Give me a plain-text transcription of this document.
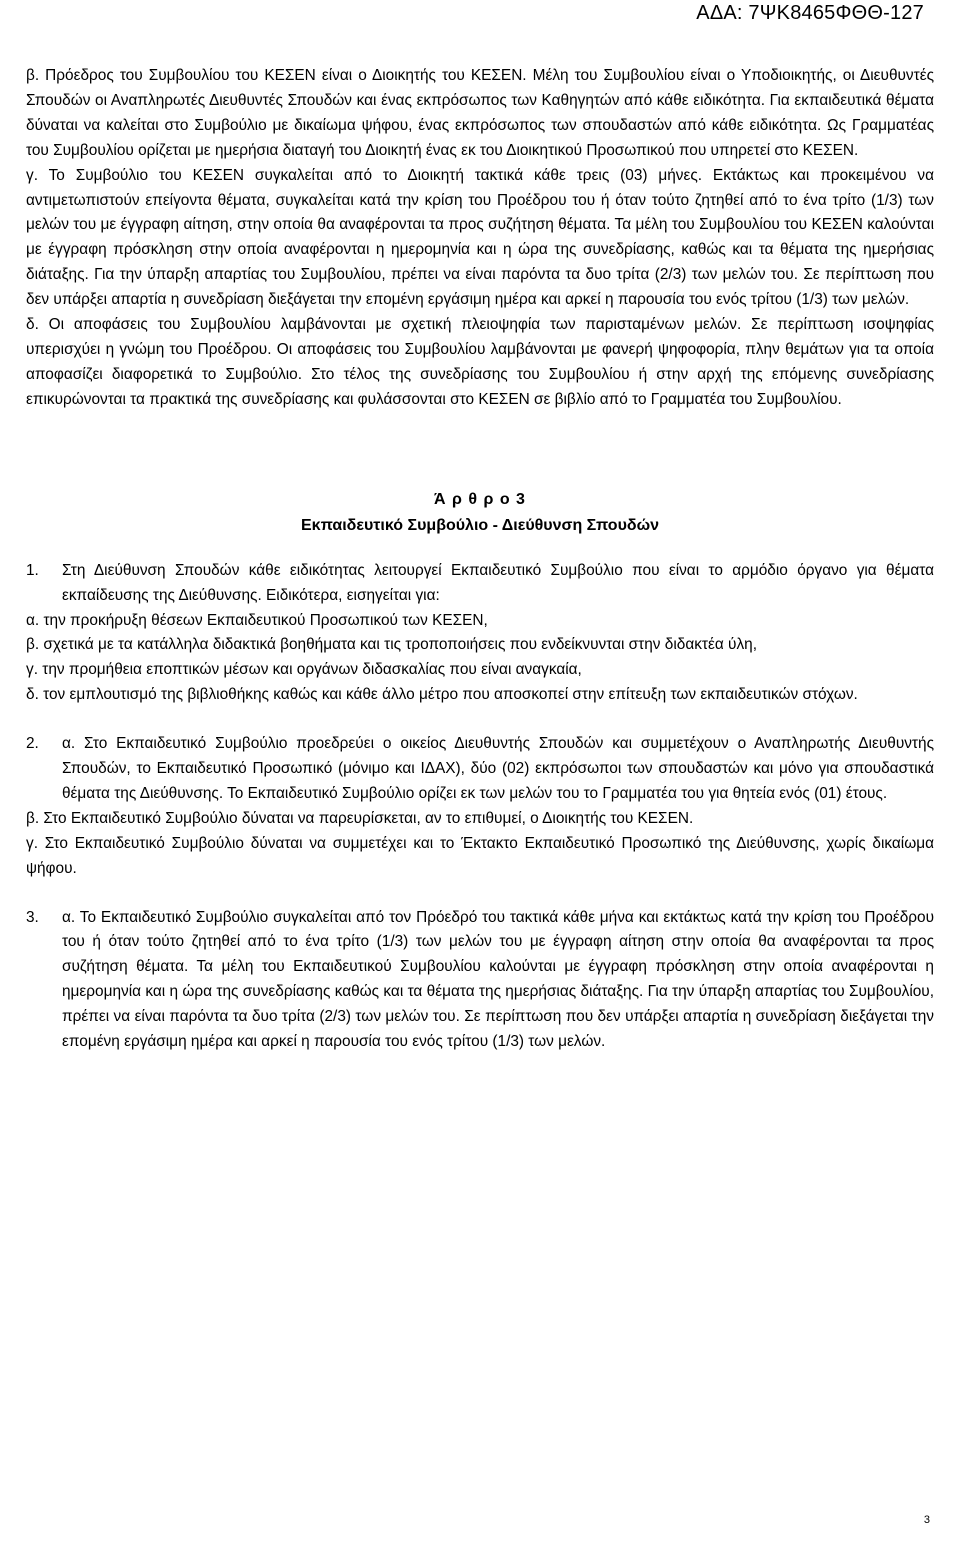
ΑΔΑ: 7ΨΚ8465ΦΘΘ-127

β. Πρόεδρος του Συμβουλίου του ΚΕΣΕΝ είναι ο Διοικητής του ΚΕΣΕΝ. Μέλη του Συμβουλίου είναι ο Υποδιοικητής, οι Διευθυντές Σπουδών οι Αναπληρωτές Διευθυντές Σπουδών και ένας εκπρόσωπος των Καθηγητών από κάθε ειδικότητα. Για εκπαιδευτικά θέματα δύναται να καλείται στο Συμβούλιο με δικαίωμα ψήφου, ένας εκπρόσωπος των σπουδαστών από κάθε ειδικότητα. Ως Γραμματέας του Συμβουλίου ορίζεται με ημερήσια διαταγή του Διοικητή ένας εκ του Διοικητικού Προσωπικού που υπηρετεί στο ΚΕΣΕΝ.

γ. Το Συμβούλιο του ΚΕΣΕΝ συγκαλείται από το Διοικητή τακτικά κάθε τρεις (03) μήνες. Εκτάκτως και προκειμένου να αντιμετωπιστούν επείγοντα θέματα, συγκαλείται κατά την κρίση του Προέδρου του ή όταν τούτο ζητηθεί από το ένα τρίτο (1/3) των μελών του με έγγραφη αίτηση, στην οποία θα αναφέρονται τα προς συζήτηση θέματα. Τα μέλη του Συμβουλίου του ΚΕΣΕΝ καλούνται με έγγραφη πρόσκληση στην οποία αναφέρονται η ημερομηνία και η ώρα της συνεδρίασης, καθώς και τα θέματα της ημερήσιας διάταξης. Για την ύπαρξη απαρτίας του Συμβουλίου, πρέπει να είναι παρόντα τα δυο τρίτα (2/3) των μελών του. Σε περίπτωση που δεν υπάρξει απαρτία η συνεδρίαση διεξάγεται την επομένη εργάσιμη ημέρα και αρκεί η παρουσία του ενός τρίτου (1/3) των μελών.

δ. Οι αποφάσεις του Συμβουλίου λαμβάνονται με σχετική πλειοψηφία των παρισταμένων μελών. Σε περίπτωση ισοψηφίας υπερισχύει η γνώμη του Προέδρου. Οι αποφάσεις του Συμβουλίου λαμβάνονται με φανερή ψηφοφορία, πλην θεμάτων για τα οποία αποφασίζει διαφορετικά το Συμβούλιο. Στο τέλος της συνεδρίασης του Συμβουλίου ή στην αρχή της επόμενης συνεδρίασης επικυρώνονται τα πρακτικά της συνεδρίασης και φυλάσσονται στο ΚΕΣΕΝ σε βιβλίο από το Γραμματέα του Συμβουλίου.

Ά ρ θ ρ ο 3
Εκπαιδευτικό Συμβούλιο - Διεύθυνση Σπουδών
1.	Στη Διεύθυνση Σπουδών κάθε ειδικότητας λειτουργεί Εκπαιδευτικό Συμβούλιο που είναι το αρμόδιο όργανο για θέματα εκπαίδευσης της Διεύθυνσης. Ειδικότερα, εισηγείται για:

α. την προκήρυξη θέσεων Εκπαιδευτικού Προσωπικού των ΚΕΣΕΝ,

β. σχετικά με τα κατάλληλα διδακτικά βοηθήματα και τις τροποποιήσεις που ενδείκνυνται στην διδακτέα ύλη,

γ. την προμήθεια εποπτικών μέσων και οργάνων διδασκαλίας που είναι αναγκαία,

δ. τον εμπλουτισμό της βιβλιοθήκης καθώς και κάθε άλλο μέτρο που αποσκοπεί στην επίτευξη των εκπαιδευτικών στόχων.

2.	α. Στο Εκπαιδευτικό Συμβούλιο προεδρεύει ο οικείος Διευθυντής Σπουδών και συμμετέχουν ο Αναπληρωτής Διευθυντής Σπουδών, το Εκπαιδευτικό Προσωπικό (μόνιμο και ΙΔΑΧ), δύο (02) εκπρόσωποι των σπουδαστών και μόνο για σπουδαστικά θέματα της Διεύθυνσης. Το Εκπαιδευτικό Συμβούλιο ορίζει εκ των μελών του το Γραμματέα του για θητεία ενός (01) έτους.

β. Στο Εκπαιδευτικό Συμβούλιο δύναται να παρευρίσκεται, αν το επιθυμεί, ο Διοικητής του ΚΕΣΕΝ.

γ. Στο Εκπαιδευτικό Συμβούλιο δύναται να συμμετέχει και το Έκτακτο Εκπαιδευτικό Προσωπικό της Διεύθυνσης, χωρίς δικαίωμα ψήφου.

3.	α. Το Εκπαιδευτικό Συμβούλιο συγκαλείται από τον Πρόεδρό του τακτικά κάθε μήνα και εκτάκτως κατά την κρίση του Προέδρου του ή όταν τούτο ζητηθεί από το ένα τρίτο (1/3) των μελών του με έγγραφη αίτηση στην οποία θα αναφέρονται τα προς συζήτηση θέματα. Τα μέλη του Εκπαιδευτικού Συμβουλίου καλούνται με έγγραφη πρόσκληση στην οποία αναφέρονται η ημερομηνία και η ώρα της συνεδρίασης καθώς και τα θέματα της ημερήσιας διάταξης. Για την ύπαρξη απαρτίας του Συμβουλίου, πρέπει να είναι παρόντα τα δυο τρίτα (2/3) των μελών του. Σε περίπτωση που δεν υπάρξει απαρτία η συνεδρίαση διεξάγεται την επομένη εργάσιμη ημέρα και αρκεί η παρουσία του ενός τρίτου (1/3) των μελών.

3
